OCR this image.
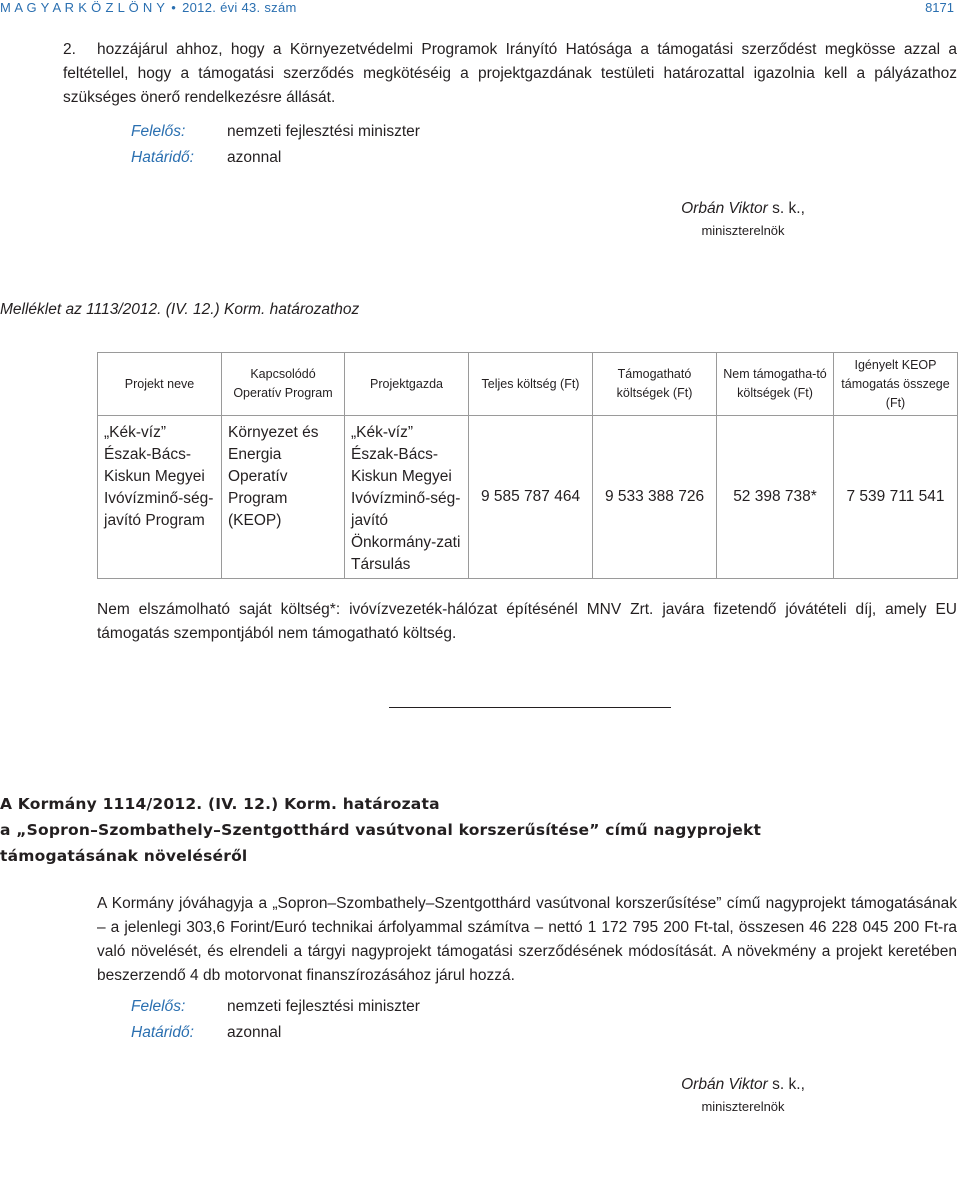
M A G Y A R K Ö Z L Ö N Y • 2012. évi 43. szám	8171
2. hozzájárul ahhoz, hogy a Környezetvédelmi Programok Irányító Hatósága a támogatási szerződést megkösse azzal a feltétellel, hogy a támogatási szerződés megkötéséig a projektgazdának testületi határozattal igazolnia kell a pályázathoz szükséges önerő rendelkezésre állását.
Felelős:	nemzeti fejlesztési miniszter
Határidő: azonnal
Orbán Viktor s. k.,
miniszterelnök
Melléklet az 1113/2012. (IV. 12.) Korm. határozathoz
Projekt neve	Kapcsolódó Operatív Program	Projektgazda	Teljes költség (Ft)	Támogatható költségek (Ft)	Nem támogatha-tó költségek (Ft)	Igényelt KEOP támogatás összege (Ft)
„Kék-víz” Észak-Bács-Kiskun Megyei Ivóvízminő-ség-javító Program	Környezet és Energia Operatív Program (KEOP)	„Kék-víz” Észak-Bács-Kiskun Megyei Ivóvízminő-ség-javító Önkormány-zati Társulás	9 585 787 464	9 533 388 726	52 398 738*	7 539 711 541
Nem elszámolható saját költség*: ivóvízvezeték-hálózat építésénél MNV Zrt. javára fizetendő jóvátételi díj, amely EU támogatás szempontjából nem támogatható költség.
A Kormány 1114/2012. (IV. 12.) Korm. határozata
a „Sopron–Szombathely–Szentgotthárd vasútvonal korszerűsítése” című nagyprojekt
támogatásának növeléséről
A Kormány jóváhagyja a „Sopron–Szombathely–Szentgotthárd vasútvonal korszerűsítése” című nagyprojekt támogatásának – a jelenlegi 303,6 Forint/Euró technikai árfolyammal számítva – nettó 1 172 795 200 Ft-tal, összesen 46 228 045 200 Ft-ra való növelését, és elrendeli a tárgyi nagyprojekt támogatási szerződésének módosítását. A növekmény a projekt keretében beszerzendő 4 db motorvonat finanszírozásához járul hozzá.
Felelős:	nemzeti fejlesztési miniszter
Határidő: azonnal
Orbán Viktor s. k.,
miniszterelnök
